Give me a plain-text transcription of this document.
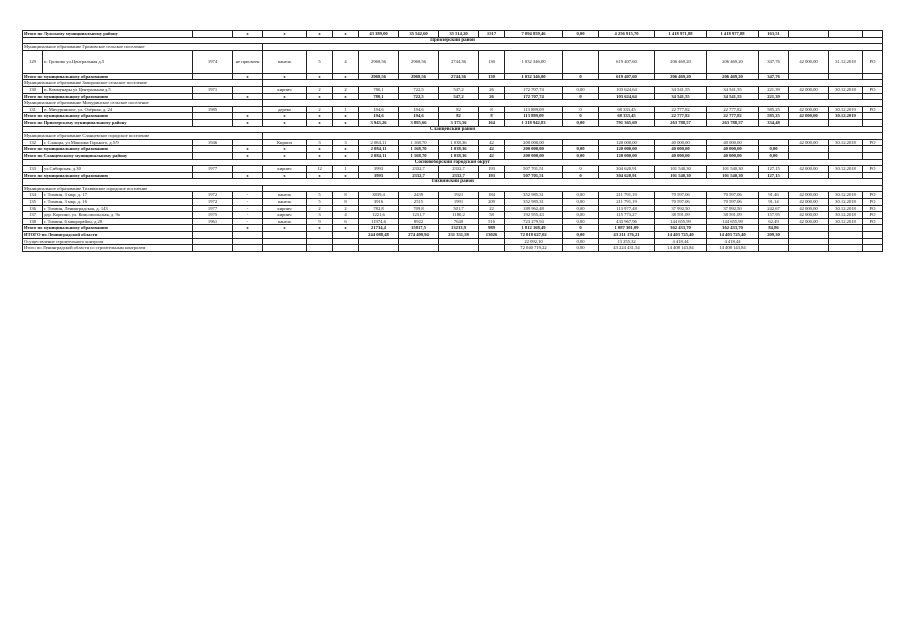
Итого по Лужскому муниципальному району			x	x	x	x	43 389,00	35 542,60	35 514,20	1517	7 094 859,46	0,00	4 256 915,70	1 418 971,88	1 418 977,88	163,51			
Приозерский район																			
Муниципальное образование Громовское сельское поселение																			
129	п. Громово ул.Центральная д.5	1974	не присвоен	панель	5	4	2968,56	2968,56	2744,36	130	1 032 346,00		619 407,60	206 469,20	206 469,20	347,76	42 000,00	31.12.2018	РО
Итого по муниципальному образованию			x	x	x	x	2968,56	2968,56	2744,36	130	1 032 346,00	0	619 407,60	206 469,20	206 469,20	347,76			
Муниципальное образование Запорожское сельское поселение																			
130	п. Коммунары ул Центральная д.5	1971		кирпич	2	2	780,1	722,5	547,2	26	172 707,74	0,00	103 624,64	34 541,55	34 541,55	221,39	42 000,00	30.12.2018	РО
Итого по муниципальному образованию			x	x	x	x	780,1	722,5	547,2	26	172 707,74	0	103 624,64	34 541,55	34 541,55	221,39			
Муниципальное образование Мичуринское сельское поселение																			
131	п. Мичуринское, ул. Озёрная, д. 24	1985		дерево	2	1	194,6	194,6	82	8	113 889,09	0	68 333,45	22 777,82	22 777,82	585,25	42 000,00	30.12.2019	РО
Итого по муниципальному образованию			x	x	x	x	194,6	194,6	82	8	113 889,09	0	68 333,45	22 777,82	22 777,82	585,25	42 000,00	30.12.2019	
Итого по Приозерскому муниципальному району			x	x	x	x	3 943,26	3 885,66	3 373,56	164	1 318 942,83	0,00	791 365,69	263 788,57	263 788,57	334,48			
Сланцевский район																			
Муниципальное образование Сланцевское городское поселение																			
132	г. Сланцы, ул Максима Горького, д.5/9	1946		Кирпич	3	3	2 084,11	1 168,70	1 038,36	42	200 000,00		120 000,00	40 000,00	40 000,00		42 000,00	30.12.2018	РО
Итого по муниципальному образованию			x	x	x	x	2 084,11	1 168,70	1 038,36	42	200 000,00	0,00	120 000,00	40 000,00	40 000,00	0,00			
Итого по Сланцевскому муниципальному району			x	x	x	x	2 084,11	1 168,70	1 038,36	42	200 000,00	0,00	120 000,00	40 000,00	40 000,00	0,00			
Сосновоборский городской округ																			
133	ул.Сибирская, д.30	1977		кирпич	12	1	3993	2332,7	2332,7	193	507 701,51	0	304 620,91	101 540,30	101 540,30	127,15	42 000,00	30.12.2018	РО
Итого по муниципальному образованию			x	x	x	x	3993	2332,7	2332,7	193	507 701,51	0	304 620,91	101 540,30	101 540,30	127,15			
Тихвинский район																			
Муниципальное образование Тихвинское городское поселение																			
134	г. Тихвин, 3 мкр, д. 17	1972	-	панель	5	8	3839,4	2439	1921	184	352 985,31	0,00	211 791,19	70 597,06	70 597,06	91,46	42 000,00	30.12.2018	РО
135	г. Тихвин, 3 мкр, д. 16	1972	-	панель	5	8	3916	2515	1991	209	352 985,31	0,00	211 791,19	70 597,06	70 597,06	91,14	42 000,00	30.12.2018	РО
136	г. Тихвин, Ленинградская, д. 143	1977	-	кирпич	2	2	782,8	709,8	501,7	22	189 962,48	0,00	113 977,48	37 992,50	37 992,50	242,67	42 000,00	30.12.2018	РО
137	дер. Коргино, ул. Комсомольская, д. 9а	1975	-	кирпич	3	4	1221,6	1231,7	1180,2	58	192 955,43	0,00	115 773,27	38 591,09	38 591,09	157,95	42 000,00	30.12.2018	РО
138	г. Тихвин, 6 микрорайон, д.28	1961	-	панель	9	6	11974,6	8922	7640	516	723 279,94	0,00	433 967,96	144 655,99	144 655,99	62,49	42 000,00	30.12.2018	РО
Итого по муниципальному образованию			x	x	x	x	21734,4	15817,5	13233,9	989	1 812 168,49	0	1 087 301,09	362 433,70	362 433,70	84,86			
ИТОГО по Ленинградской области							244 088,48	274 409,94	231 331,58	13026	72 018 627,02	0,00	43 211 176,21	14 403 725,40	14 403 725,40	209,30			
Осуществление строительного контроля											22 092,10	0,00	13 255,32	4 418,44	4 418,44				
Итого по Ленинградской области со строительным контролем											72 040 719,22	0,00	43 224 431,54	14 408 143,84	14 408 143,84				
